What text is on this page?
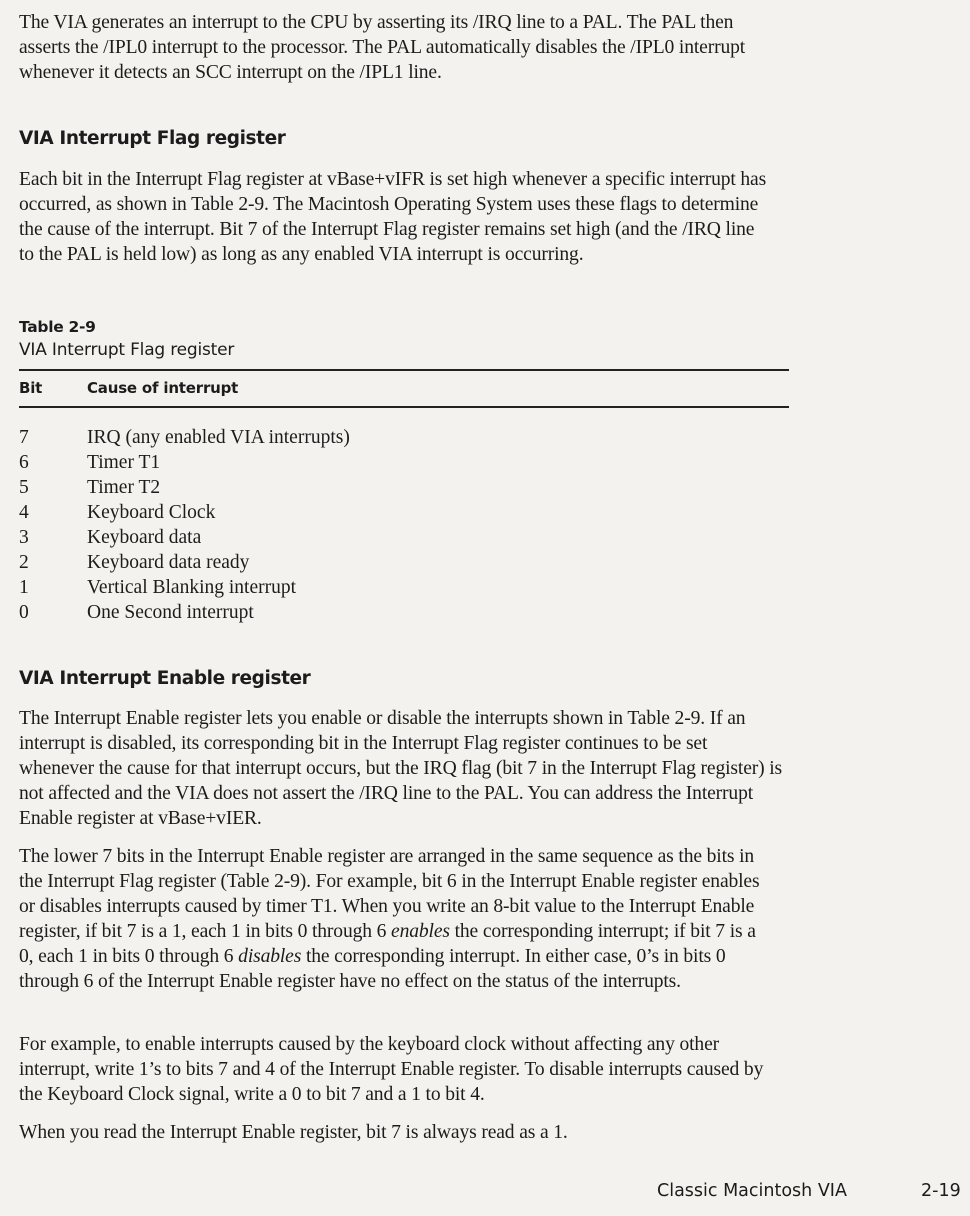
The VIA generates an interrupt to the CPU by asserting its /IRQ line to a PAL. The PAL then asserts the /IPL0 interrupt to the processor. The PAL automatically disables the /IPL0 interrupt whenever it detects an SCC interrupt on the /IPL1 line.

VIA Interrupt Flag register

Each bit in the Interrupt Flag register at vBase+vIFR is set high whenever a specific interrupt has occurred, as shown in Table 2-9. The Macintosh Operating System uses these flags to determine the cause of the interrupt. Bit 7 of the Interrupt Flag register remains set high (and the /IRQ line to the PAL is held low) as long as any enabled VIA interrupt is occurring.

Table 2-9
VIA Interrupt Flag register
Bit	Cause of interrupt
7	IRQ (any enabled VIA interrupts)
6	Timer T1
5	Timer T2
4	Keyboard Clock
3	Keyboard data
2	Keyboard data ready
1	Vertical Blanking interrupt
0	One Second interrupt
VIA Interrupt Enable register

The Interrupt Enable register lets you enable or disable the interrupts shown in Table 2-9. If an interrupt is disabled, its corresponding bit in the Interrupt Flag register continues to be set whenever the cause for that interrupt occurs, but the IRQ flag (bit 7 in the Interrupt Flag register) is not affected and the VIA does not assert the /IRQ line to the PAL. You can address the Interrupt Enable register at vBase+vIER.

The lower 7 bits in the Interrupt Enable register are arranged in the same sequence as the bits in the Interrupt Flag register (Table 2-9). For example, bit 6 in the Interrupt Enable register enables or disables interrupts caused by timer T1. When you write an 8-bit value to the Interrupt Enable register, if bit 7 is a 1, each 1 in bits 0 through 6 enables the corresponding interrupt; if bit 7 is a 0, each 1 in bits 0 through 6 disables the corresponding interrupt. In either case, 0’s in bits 0 through 6 of the Interrupt Enable register have no effect on the status of the interrupts.

For example, to enable interrupts caused by the keyboard clock without affecting any other interrupt, write 1’s to bits 7 and 4 of the Interrupt Enable register. To disable interrupts caused by the Keyboard Clock signal, write a 0 to bit 7 and a 1 to bit 4.

When you read the Interrupt Enable register, bit 7 is always read as a 1.

Classic Macintosh VIA	2-19
